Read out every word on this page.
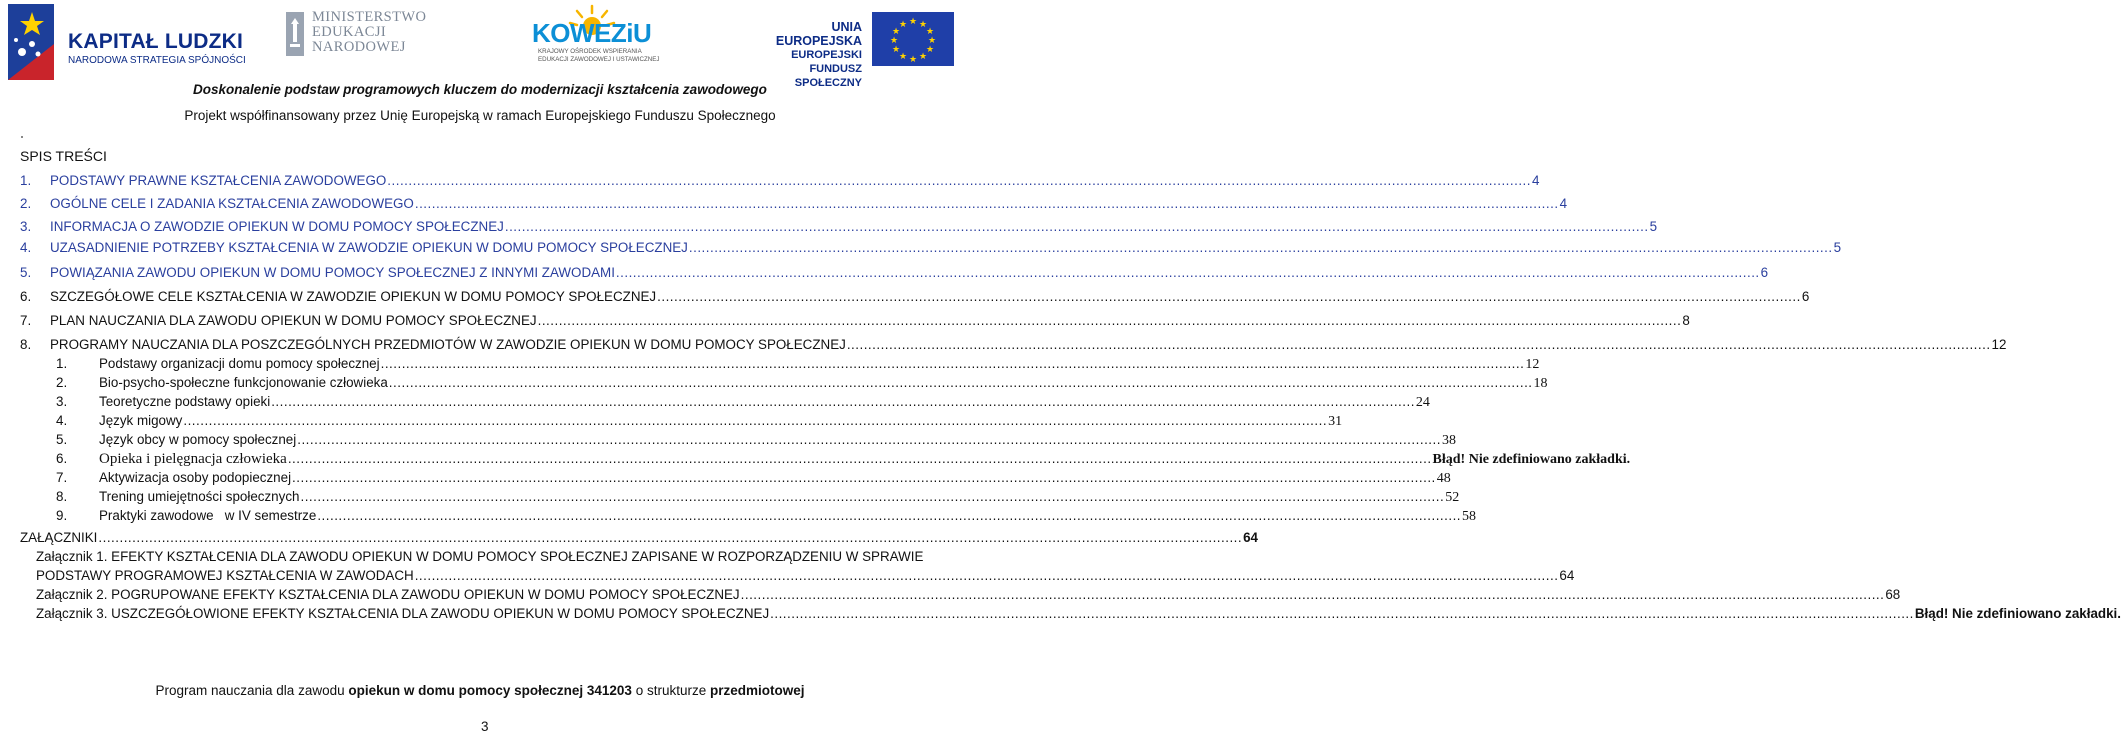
KAPITAŁ LUDZKI
NARODOWA STRATEGIA SPÓJNOŚCI
MINISTERSTWO
EDUKACJI
NARODOWEJ	KOWEZiU
KRAJOWY OŚRODEK WSPIERANIA
EDUKACJI ZAWODOWEJ I USTAWICZNEJ
UNIA EUROPEJSKA
EUROPEJSKI
FUNDUSZ SPOŁECZNY
★ ★
★
★
★
★
★
★
★
★
★
★
Doskonalenie podstaw programowych kluczem do modernizacji kształcenia zawodowego
Projekt współfinansowany przez Unię Europejską w ramach Europejskiego Funduszu Społecznego
SPIS TREŚCI
1.	PODSTAWY PRAWNE KSZTAŁCENIA ZAWODOWEGO .....	4
2.	OGÓLNE CELE I ZADANIA KSZTAŁCENIA ZAWODOWEGO .....	4
3.	INFORMACJA O ZAWODZIE OPIEKUN W DOMU POMOCY SPOŁECZNEJ .....	5
4.	UZASADNIENIE POTRZEBY KSZTAŁCENIA W ZAWODZIE OPIEKUN W DOMU POMOCY SPOŁECZNEJ .....	5
5.	POWIĄZANIA ZAWODU OPIEKUN W DOMU POMOCY SPOŁECZNEJ Z INNYMI ZAWODAMI .....	6
6.	SZCZEGÓŁOWE CELE KSZTAŁCENIA W ZAWODZIE OPIEKUN W DOMU POMOCY SPOŁECZNEJ .....	6
7.	PLAN NAUCZANIA DLA ZAWODU OPIEKUN W DOMU POMOCY SPOŁECZNEJ .....	8
8.	PROGRAMY NAUCZANIA DLA POSZCZEGÓLNYCH PRZEDMIOTÓW W ZAWODZIE OPIEKUN W DOMU POMOCY SPOŁECZNEJ .....	12
1.	Podstawy organizacji domu pomocy społecznej .....	12
2.	Bio-psycho-społeczne funkcjonowanie człowieka .....	18
3.	Teoretyczne podstawy opieki .....	24
4.	Język migowy .....	31
5.	Język obcy w pomocy społecznej .....	38
6.	Opieka i pielęgnacja człowieka .....	Błąd! Nie zdefiniowano zakładki.
7.	Aktywizacja osoby podopiecznej .....	48
8.	Trening umiejętności społecznych .....	52
9.	Praktyki zawodowe   w IV semestrze .....	58
ZAŁĄCZNIKI .....	64
Załącznik 1. EFEKTY KSZTAŁCENIA DLA ZAWODU OPIEKUN W DOMU POMOCY SPOŁECZNEJ ZAPISANE W ROZPORZĄDZENIU W SPRAWIE
PODSTAWY PROGRAMOWEJ KSZTAŁCENIA W ZAWODACH .....	64
Załącznik 2. POGRUPOWANE EFEKTY KSZTAŁCENIA DLA ZAWODU OPIEKUN W DOMU POMOCY SPOŁECZNEJ .....	68
Załącznik 3. USZCZEGÓŁOWIONE EFEKTY KSZTAŁCENIA DLA ZAWODU OPIEKUN W DOMU POMOCY SPOŁECZNEJ .....	Błąd! Nie zdefiniowano zakładki.
Program nauczania dla zawodu opiekun w domu pomocy społecznej 341203 o strukturze przedmiotowej
3
